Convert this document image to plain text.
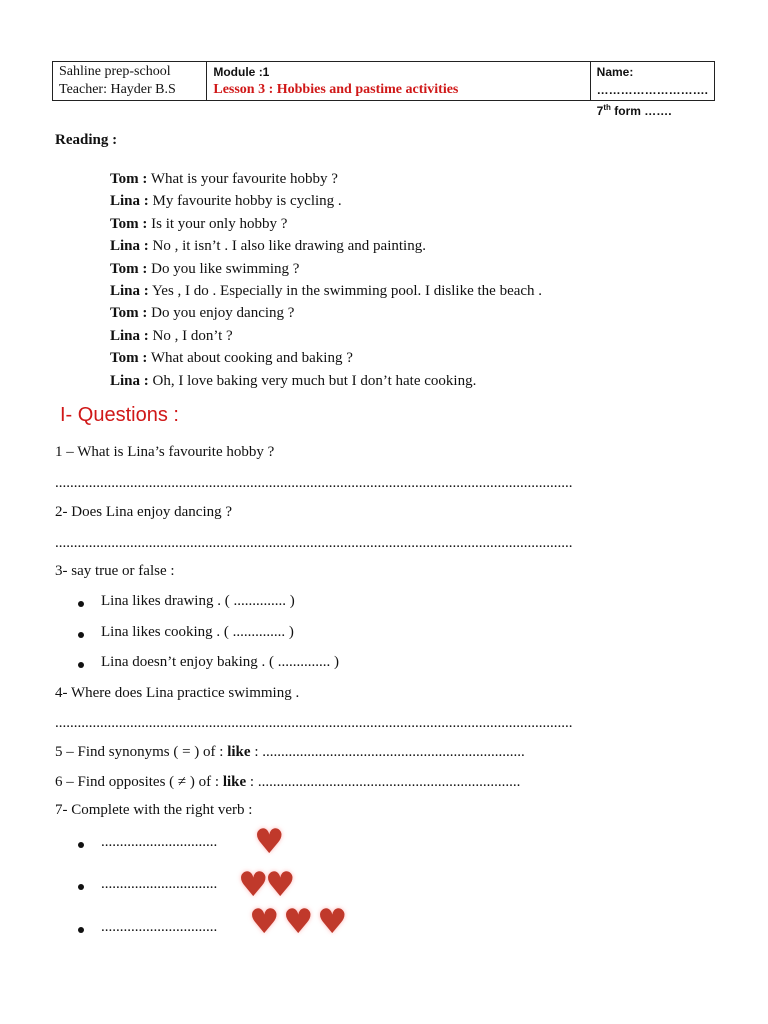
Sahline prep-school
Teacher: Hayder B.S
Module :1
Lesson 3 : Hobbies and pastime activities
Name: ……………………….
7th form …….
Reading :
Tom : What is your favourite hobby ?
Lina : My favourite hobby is cycling .
Tom : Is it your only hobby ?
Lina : No , it isn’t . I also like drawing and painting.
Tom : Do you like swimming ?
Lina : Yes , I do . Especially in the swimming pool. I dislike the beach .
Tom : Do you enjoy dancing ?
Lina : No , I don’t ?
Tom : What about cooking and baking ?
Lina : Oh, I love baking very much but I don’t hate cooking.
I- Questions :
1 – What is Lina’s favourite hobby ?
..........................................................................................................................................
2- Does Lina enjoy dancing ?
..........................................................................................................................................
3- say true or false :
Lina likes drawing . ( .............. )
Lina likes cooking . ( .............. )
Lina doesn’t enjoy baking . ( .............. )
4- Where does Lina practice swimming .
..........................................................................................................................................
5 – Find synonyms ( = ) of : like : ......................................................................
6 – Find opposites ( ≠ ) of : like : ......................................................................
7- Complete with the right verb :
............................... ♥
............................... ♥
♥
............................... ♥ ♥ ♥
